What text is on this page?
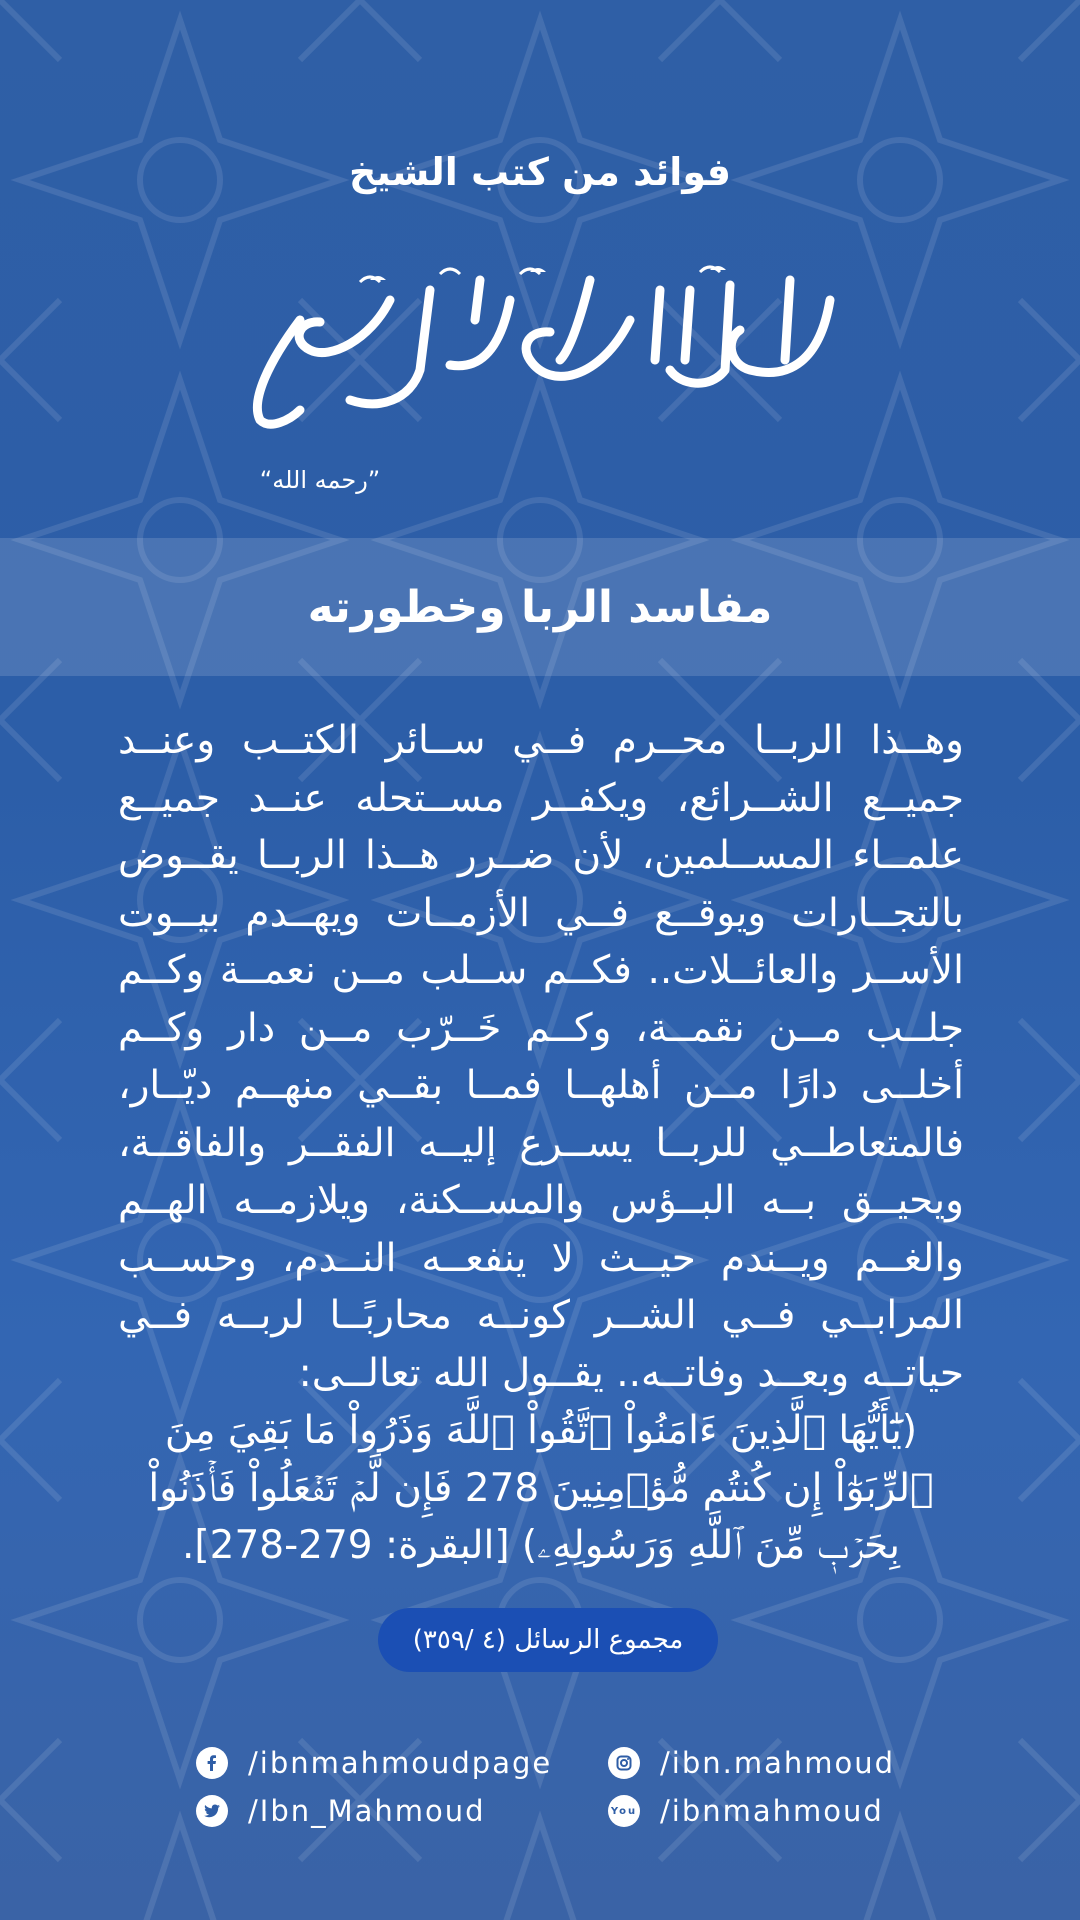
فوائد من كتب الشيخ
”رحمه الله“
مفاسد الربا وخطورته
وهــذا الربــا محــرم فــي ســائر الكتــب وعنــد جميــع الشــرائع، ويكفــر مســتحله عنــد جميــع علمــاء المســلمين، لأن ضــرر هــذا الربــا يقــوض بالتجــارات ويوقــع فــي الأزمــات ويهــدم بيــوت الأســر والعائــلات.. فكــم ســلب مــن نعمــة وكــم جلــب مــن نقمــة، وكــم خَــرّب مــن دار وكــم أخلــى دارًا مــن أهلهــا فمــا بقــي منهــم ديّــار، فالمتعاطــي للربــا يســرع إليــه الفقــر والفاقــة، ويحيــق بــه البــؤس والمســكنة، ويلازمــه الهــم والغــم ويــندم حيــث لا ينفعــه النــدم، وحســب المرابــي فــي الشــر كونــه محاربًــا لربــه فــي حياتــه وبعــد وفاتــه.. يقــول الله تعالــى:
(يَٰٓأَيُّهَا ٱلَّذِينَ ءَامَنُواْ ٱتَّقُواْ ٱللَّهَ وَذَرُواْ مَا بَقِيَ مِنَ ٱلرِّبَوٰٓاْ إِن كُنتُم مُّؤۡمِنِينَ 278 فَإِن لَّمۡ تَفۡعَلُواْ فَأۡذَنُواْ بِحَرۡبٖ مِّنَ ٱللَّهِ وَرَسُولِهِۦ) [البقرة: 279-278].
مجموع الرسائل (٤ /٣٥٩)
/ibnmahmoudpage
/Ibn_Mahmoud
/ibn.mahmoud
You /ibnmahmoud
